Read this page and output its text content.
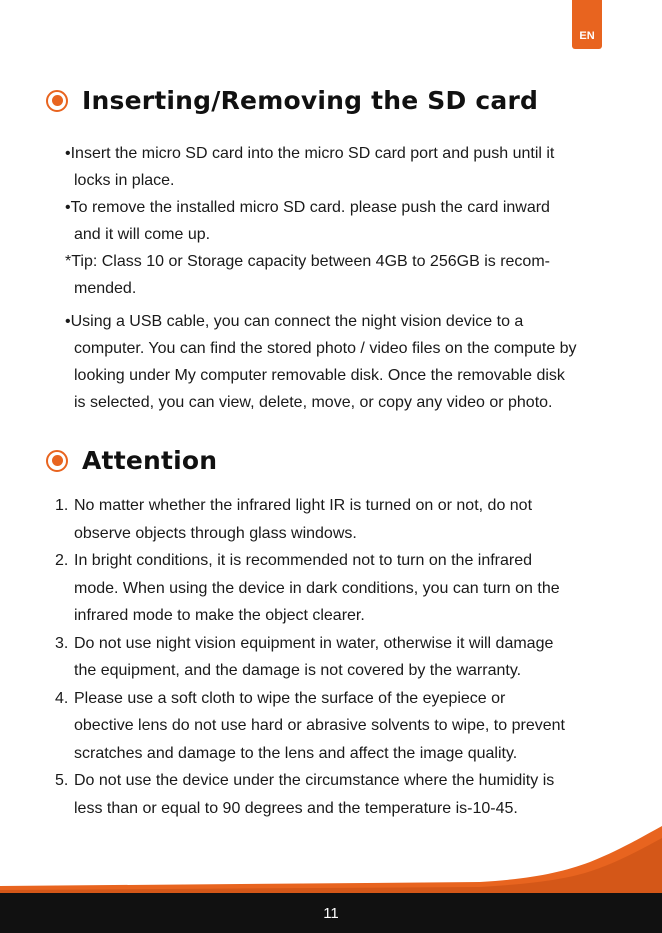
EN
Inserting/Removing the SD card
•Insert the micro SD card into the micro SD card port and push until it
locks in place.
•To remove the installed micro SD card. please push the card inward
and it will come up.
*Tip: Class 10 or Storage capacity between 4GB to 256GB is recom-
mended.
•Using a USB cable, you can connect the night vision device to a
computer. You can find the stored photo / video files on the compute by
looking under My computer removable disk. Once the removable disk
is selected, you can view, delete, move, or copy any video or photo.
Attention
1. No matter whether the infrared light IR is turned on or not, do not
observe objects through glass windows.
2. In bright conditions, it is recommended not to turn on the infrared
mode. When using the device in dark conditions, you can turn on the
infrared mode to make the object clearer.
3. Do not use night vision equipment in water, otherwise it will damage
the equipment, and the damage is not covered by the warranty.
4. Please use a soft cloth to wipe the surface of the eyepiece or
obective lens do not use hard or abrasive solvents to wipe, to prevent
scratches and damage to the lens and affect the image quality.
5. Do not use the device under the circumstance where the humidity is
less than or equal to 90 degrees and the temperature is-10-45.
11
